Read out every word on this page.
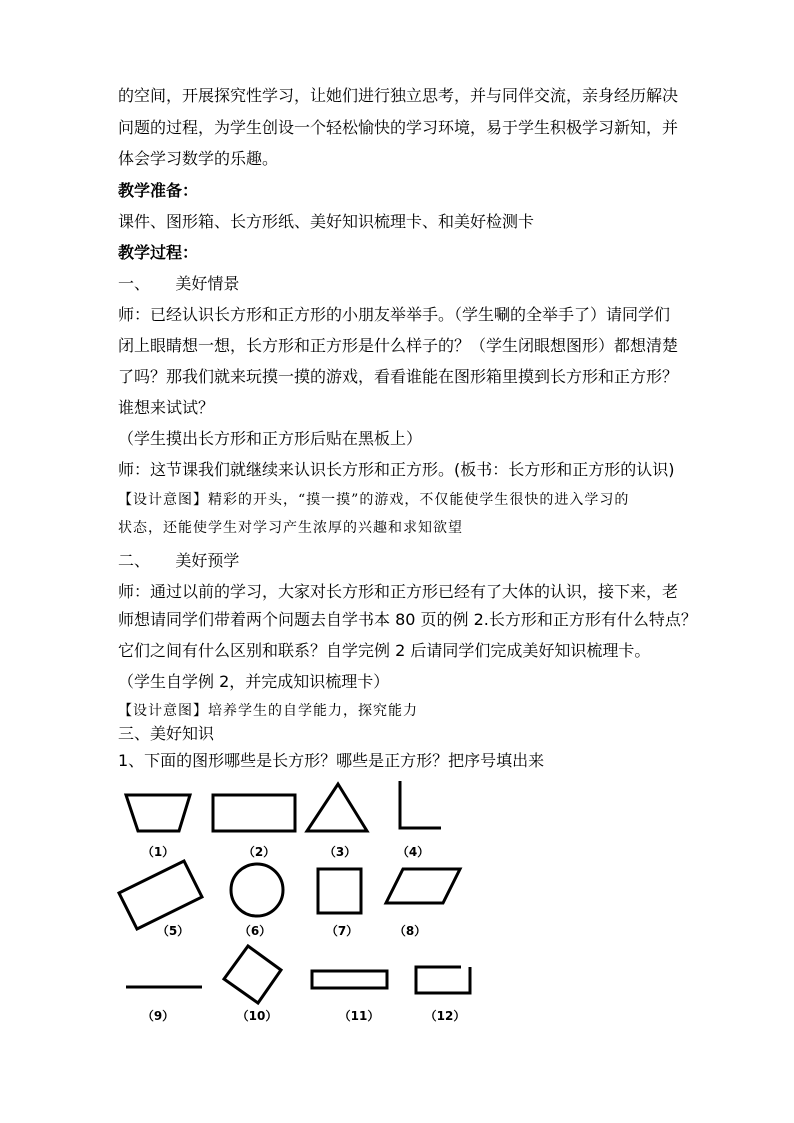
的空间，开展探究性学习，让她们进行独立思考，并与同伴交流，亲身经历解决
问题的过程，为学生创设一个轻松愉快的学习环境，易于学生积极学习新知，并
体会学习数学的乐趣。
教学准备：
课件、图形箱、长方形纸、美好知识梳理卡、和美好检测卡
教学过程：
一、     美好情景
师：已经认识长方形和正方形的小朋友举举手。（学生唰的全举手了）请同学们
闭上眼睛想一想，长方形和正方形是什么样子的？（学生闭眼想图形）都想清楚
了吗？那我们就来玩摸一摸的游戏，看看谁能在图形箱里摸到长方形和正方形？
谁想来试试？
（学生摸出长方形和正方形后贴在黑板上）
师：这节课我们就继续来认识长方形和正方形。(板书：长方形和正方形的认识)
【设计意图】精彩的开头，“摸一摸”的游戏，不仅能使学生很快的进入学习的
状态，还能使学生对学习产生浓厚的兴趣和求知欲望
二、     美好预学
师：通过以前的学习，大家对长方形和正方形已经有了大体的认识，接下来，老
师想请同学们带着两个问题去自学书本 80 页的例 2.长方形和正方形有什么特点？
它们之间有什么区别和联系？自学完例 2 后请同学们完成美好知识梳理卡。
（学生自学例 2，并完成知识梳理卡）
【设计意图】培养学生的自学能力，探究能力
三、美好知识
1、下面的图形哪些是长方形？哪些是正方形？把序号填出来
（1）	（2）	（3）	（4）
（5）	（6）	（7）	（8）
（9）	（10）	（11）	（12）
